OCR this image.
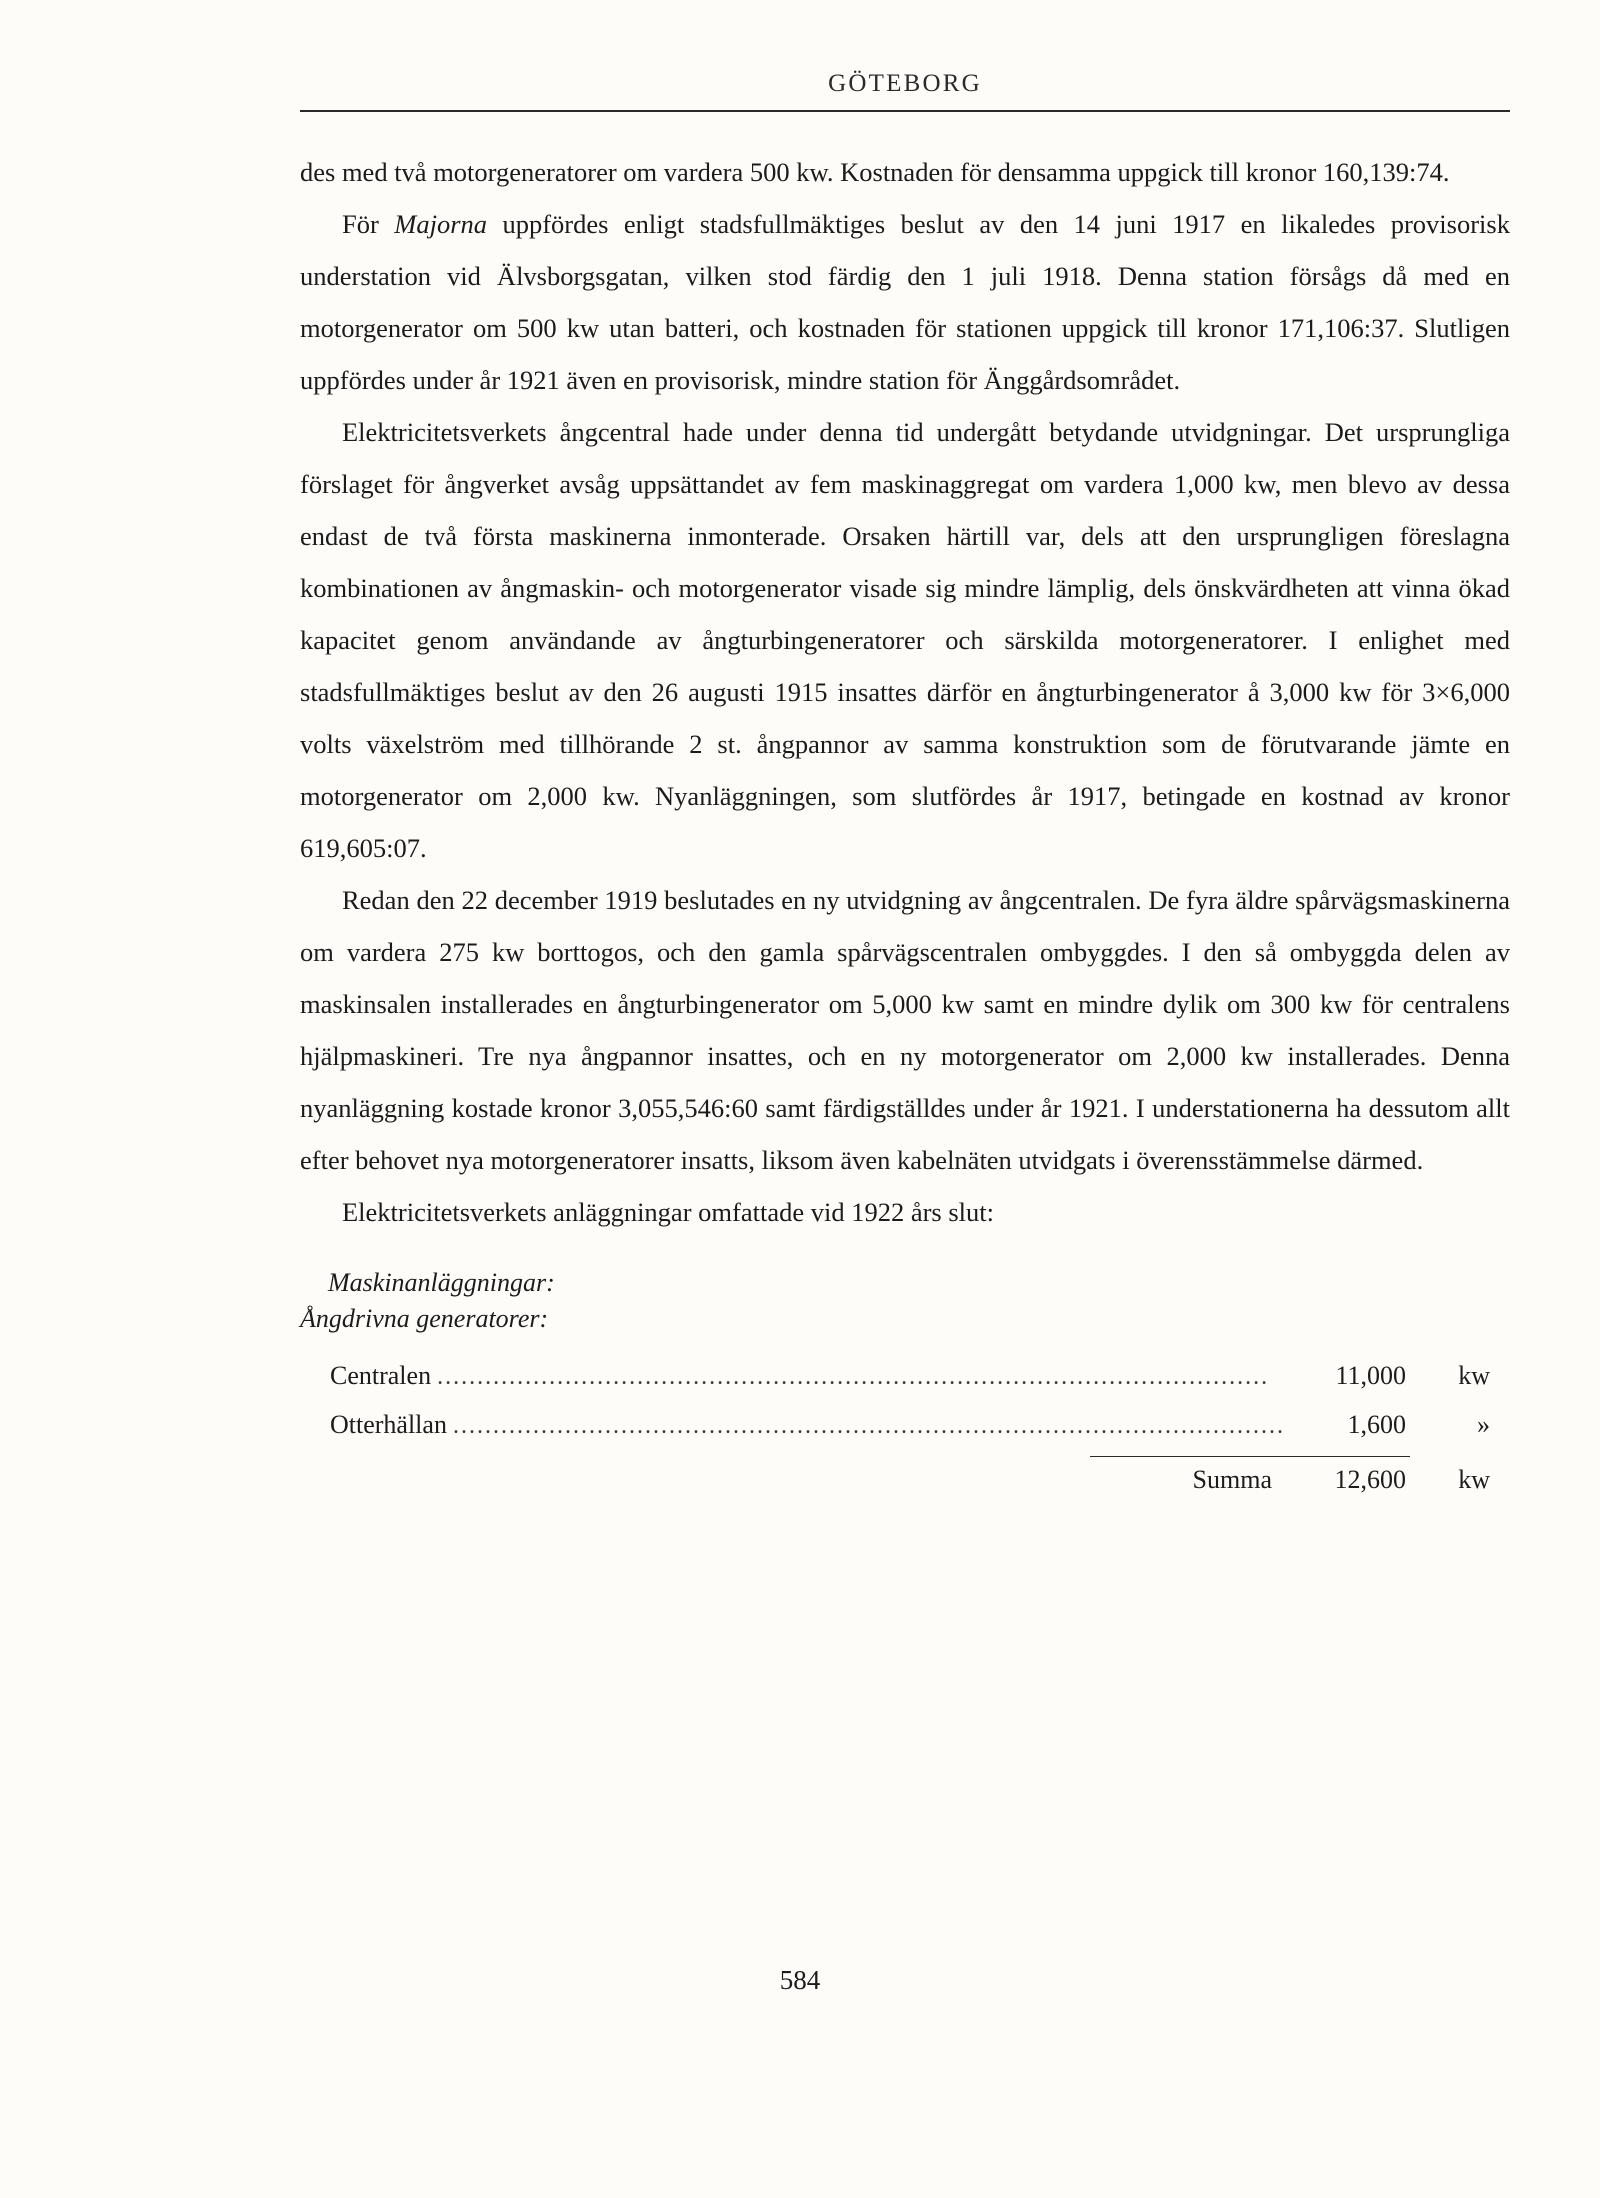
GÖTEBORG

des med två motorgeneratorer om vardera 500 kw. Kostnaden för densamma uppgick till kronor 160,139:74.

För Majorna uppfördes enligt stadsfullmäktiges beslut av den 14 juni 1917 en likaledes provisorisk understation vid Älvsborgsgatan, vilken stod färdig den 1 juli 1918. Denna station försågs då med en motorgenerator om 500 kw utan batteri, och kostnaden för stationen uppgick till kronor 171,106:37. Slutligen uppfördes under år 1921 även en provisorisk, mindre station för Änggårdsområdet.

Elektricitetsverkets ångcentral hade under denna tid undergått betydande utvidgningar. Det ursprungliga förslaget för ångverket avsåg uppsättandet av fem maskinaggregat om vardera 1,000 kw, men blevo av dessa endast de två första maskinerna inmonterade. Orsaken härtill var, dels att den ursprungligen föreslagna kombinationen av ångmaskin- och motorgenerator visade sig mindre lämplig, dels önskvärdheten att vinna ökad kapacitet genom användande av ångturbingeneratorer och särskilda motorgeneratorer. I enlighet med stadsfullmäktiges beslut av den 26 augusti 1915 insattes därför en ångturbingenerator å 3,000 kw för 3×6,000 volts växelström med tillhörande 2 st. ångpannor av samma konstruktion som de förutvarande jämte en motorgenerator om 2,000 kw. Nyanläggningen, som slutfördes år 1917, betingade en kostnad av kronor 619,605:07.

Redan den 22 december 1919 beslutades en ny utvidgning av ångcentralen. De fyra äldre spårvägsmaskinerna om vardera 275 kw borttogos, och den gamla spårvägscentralen ombyggdes. I den så ombyggda delen av maskinsalen installerades en ångturbingenerator om 5,000 kw samt en mindre dylik om 300 kw för centralens hjälpmaskineri. Tre nya ångpannor insattes, och en ny motorgenerator om 2,000 kw installerades. Denna nyanläggning kostade kronor 3,055,546:60 samt färdigställdes under år 1921. I understationerna ha dessutom allt efter behovet nya motorgeneratorer insatts, liksom även kabelnäten utvidgats i överensstämmelse därmed.

Elektricitetsverkets anläggningar omfattade vid 1922 års slut:

Maskinanläggningar:
Ångdrivna generatorer:
Centralen ........................................................................................................	11,000	kw
Otterhällan ........................................................................................................	1,600	»
Summa	12,600	kw
584
